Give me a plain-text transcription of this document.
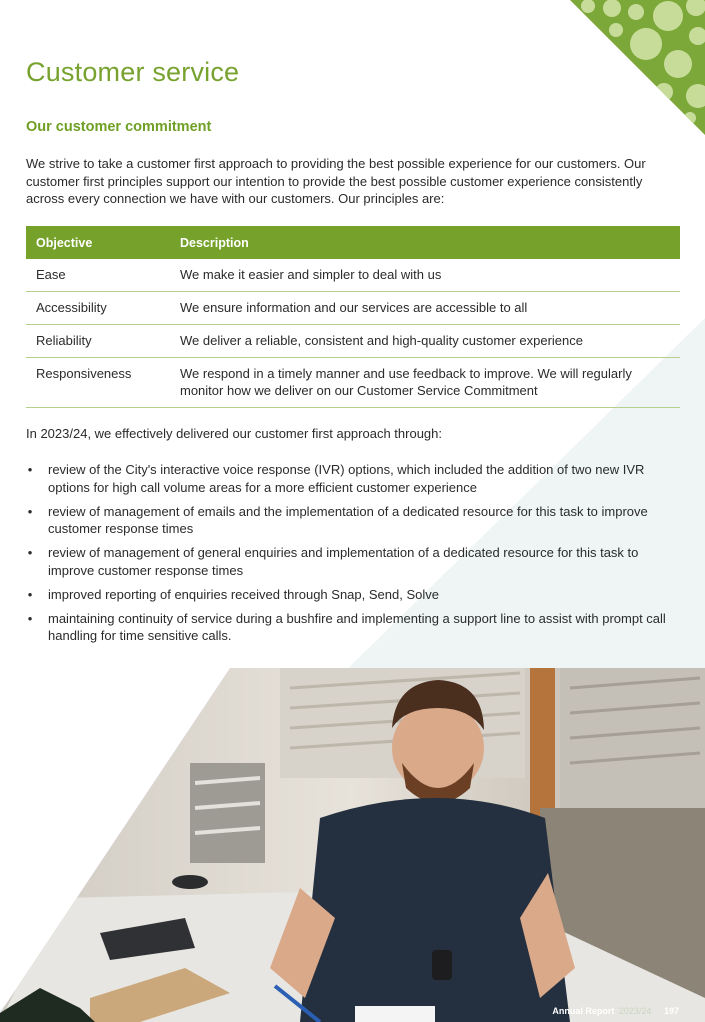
Customer service
Our customer commitment

We strive to take a customer first approach to providing the best possible experience for our customers. Our customer first principles support our intention to provide the best possible customer experience consistently across every connection we have with our customers. Our principles are:

Objective	Description
Ease	We make it easier and simpler to deal with us
Accessibility	We ensure information and our services are accessible to all
Reliability	We deliver a reliable, consistent and high-quality customer experience
Responsiveness	We respond in a timely manner and use feedback to improve. We will regularly monitor how we deliver on our Customer Service Commitment

In 2023/24, we effectively delivered our customer first approach through:

• review of the City's interactive voice response (IVR) options, which included the addition of two new IVR options for high call volume areas for a more efficient customer experience
• review of management of emails and the implementation of a dedicated resource for this task to improve customer response times
• review of management of general enquiries and implementation of a dedicated resource for this task to improve customer response times
• improved reporting of enquiries received through Snap, Send, Solve
• maintaining continuity of service during a bushfire and implementing a support line to assist with prompt call handling for time sensitive calls.
Annual Report 2023/24 197
